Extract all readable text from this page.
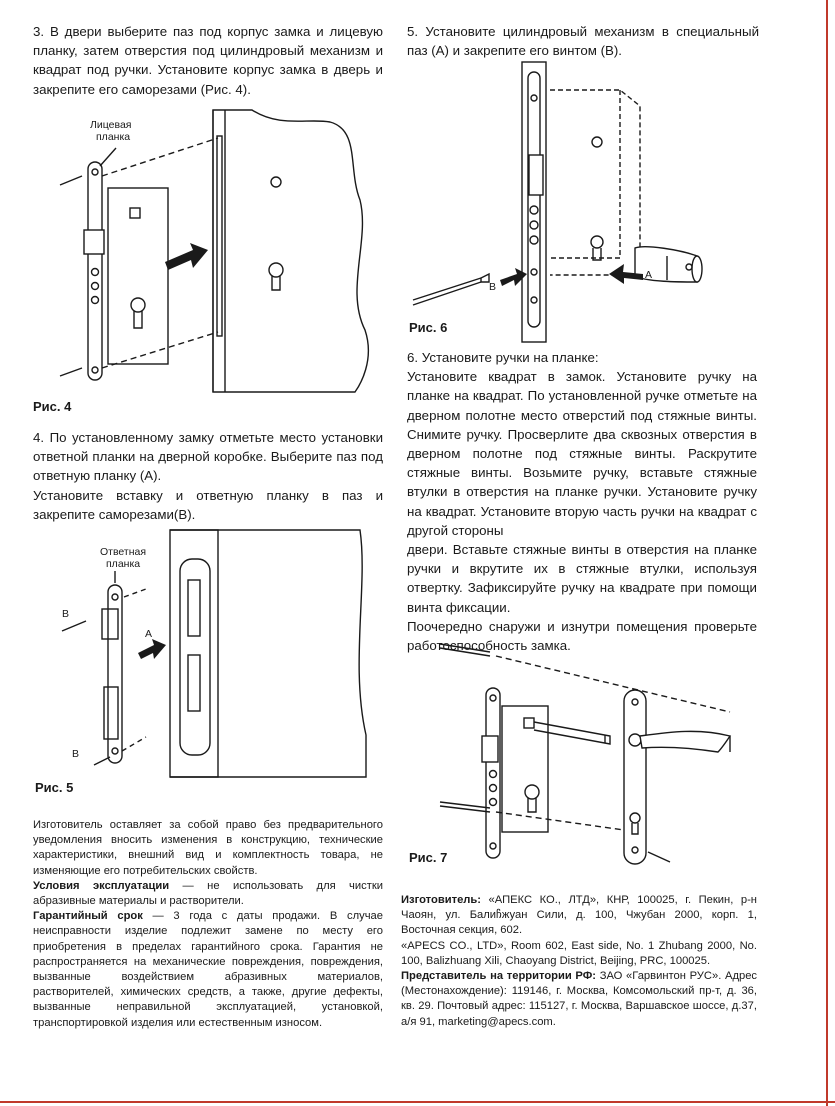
3. В двери выберите паз под корпус замка и лицевую планку, затем отверстия под цилиндровый механизм и квадрат под ручки. Установите корпус замка в дверь и закрепите его саморезами (Рис. 4).

Лицевая
планка
Рис. 4

4. По установленному замку отметьте место установки ответной планки на дверной коробке. Выберите паз под ответную планку (А).

Установите вставку и ответную планку в паз и закрепите саморезами(В).

Ответная
планка
В
В
А
Рис. 5

Изготовитель оставляет за собой право без предварительного уведомления вносить изменения в конструкцию, технические характеристики, внешний вид и комплектность товара, не изменяющие его потребительских свойств.

Условия эксплуатации — не использовать для чистки абразивные материалы и растворители.

Гарантийный срок — 3 года с даты продажи. В случае неисправности изделие подлежит замене по месту его приобретения в пределах гарантийного срока. Гарантия не распространяется на механические повреждения, повреждения, вызванные воздействием абразивных материалов, растворителей, химических средств, а также, другие дефекты, вызванные неправильной эксплуатацией, установкой, транспортировкой изделия или естественным износом.

5. Установите цилиндровый механизм в специальный паз (А) и закрепите его винтом (В).

В
А
Рис. 6

6. Установите ручки на планке:

Установите квадрат в замок. Установите ручку на планке на квадрат. По установленной ручке отметьте на дверном полотне место отверстий под стяжные винты. Снимите ручку. Просверлите два сквозных отверстия в дверном полотне под стяжные винты. Раскрутите стяжные винты. Возьмите ручку, вставьте стяжные втулки в отверстия на планке ручки. Установите ручку на квадрат. Установите вторую часть ручки на квадрат с другой стороны

двери. Вставьте стяжные винты в отверстия на планке ручки и вкрутите их в стяжные втулки, используя отвертку. Зафиксируйте ручку на квадрате при помощи винта фиксации.

Поочередно снаружи и изнутри помещения проверьте работоспособность замка.

Рис. 7

Изготовитель: «АПЕКС КО., ЛТД», КНР, 100025, г. Пекин, р-н Чаоян, ул. Балиჩжуан Сили, д. 100, Чжубан 2000, корп. 1, Восточная секция, 602.

«APECS CO., LTD», Room 602, East side, No. 1 Zhubang 2000, No. 100, Balizhuang Xili, Chaoyang District, Beijing, PRC, 100025.

Представитель на территории РФ: ЗАО «Гарвинтон РУС». Адрес (Местонахождение): 119146, г. Москва, Комсомольский пр-т, д. 36, кв. 29. Почтовый адрес: 115127, г. Москва, Варшавское шоссе, д.37, а/я 91, marketing@apecs.com.
